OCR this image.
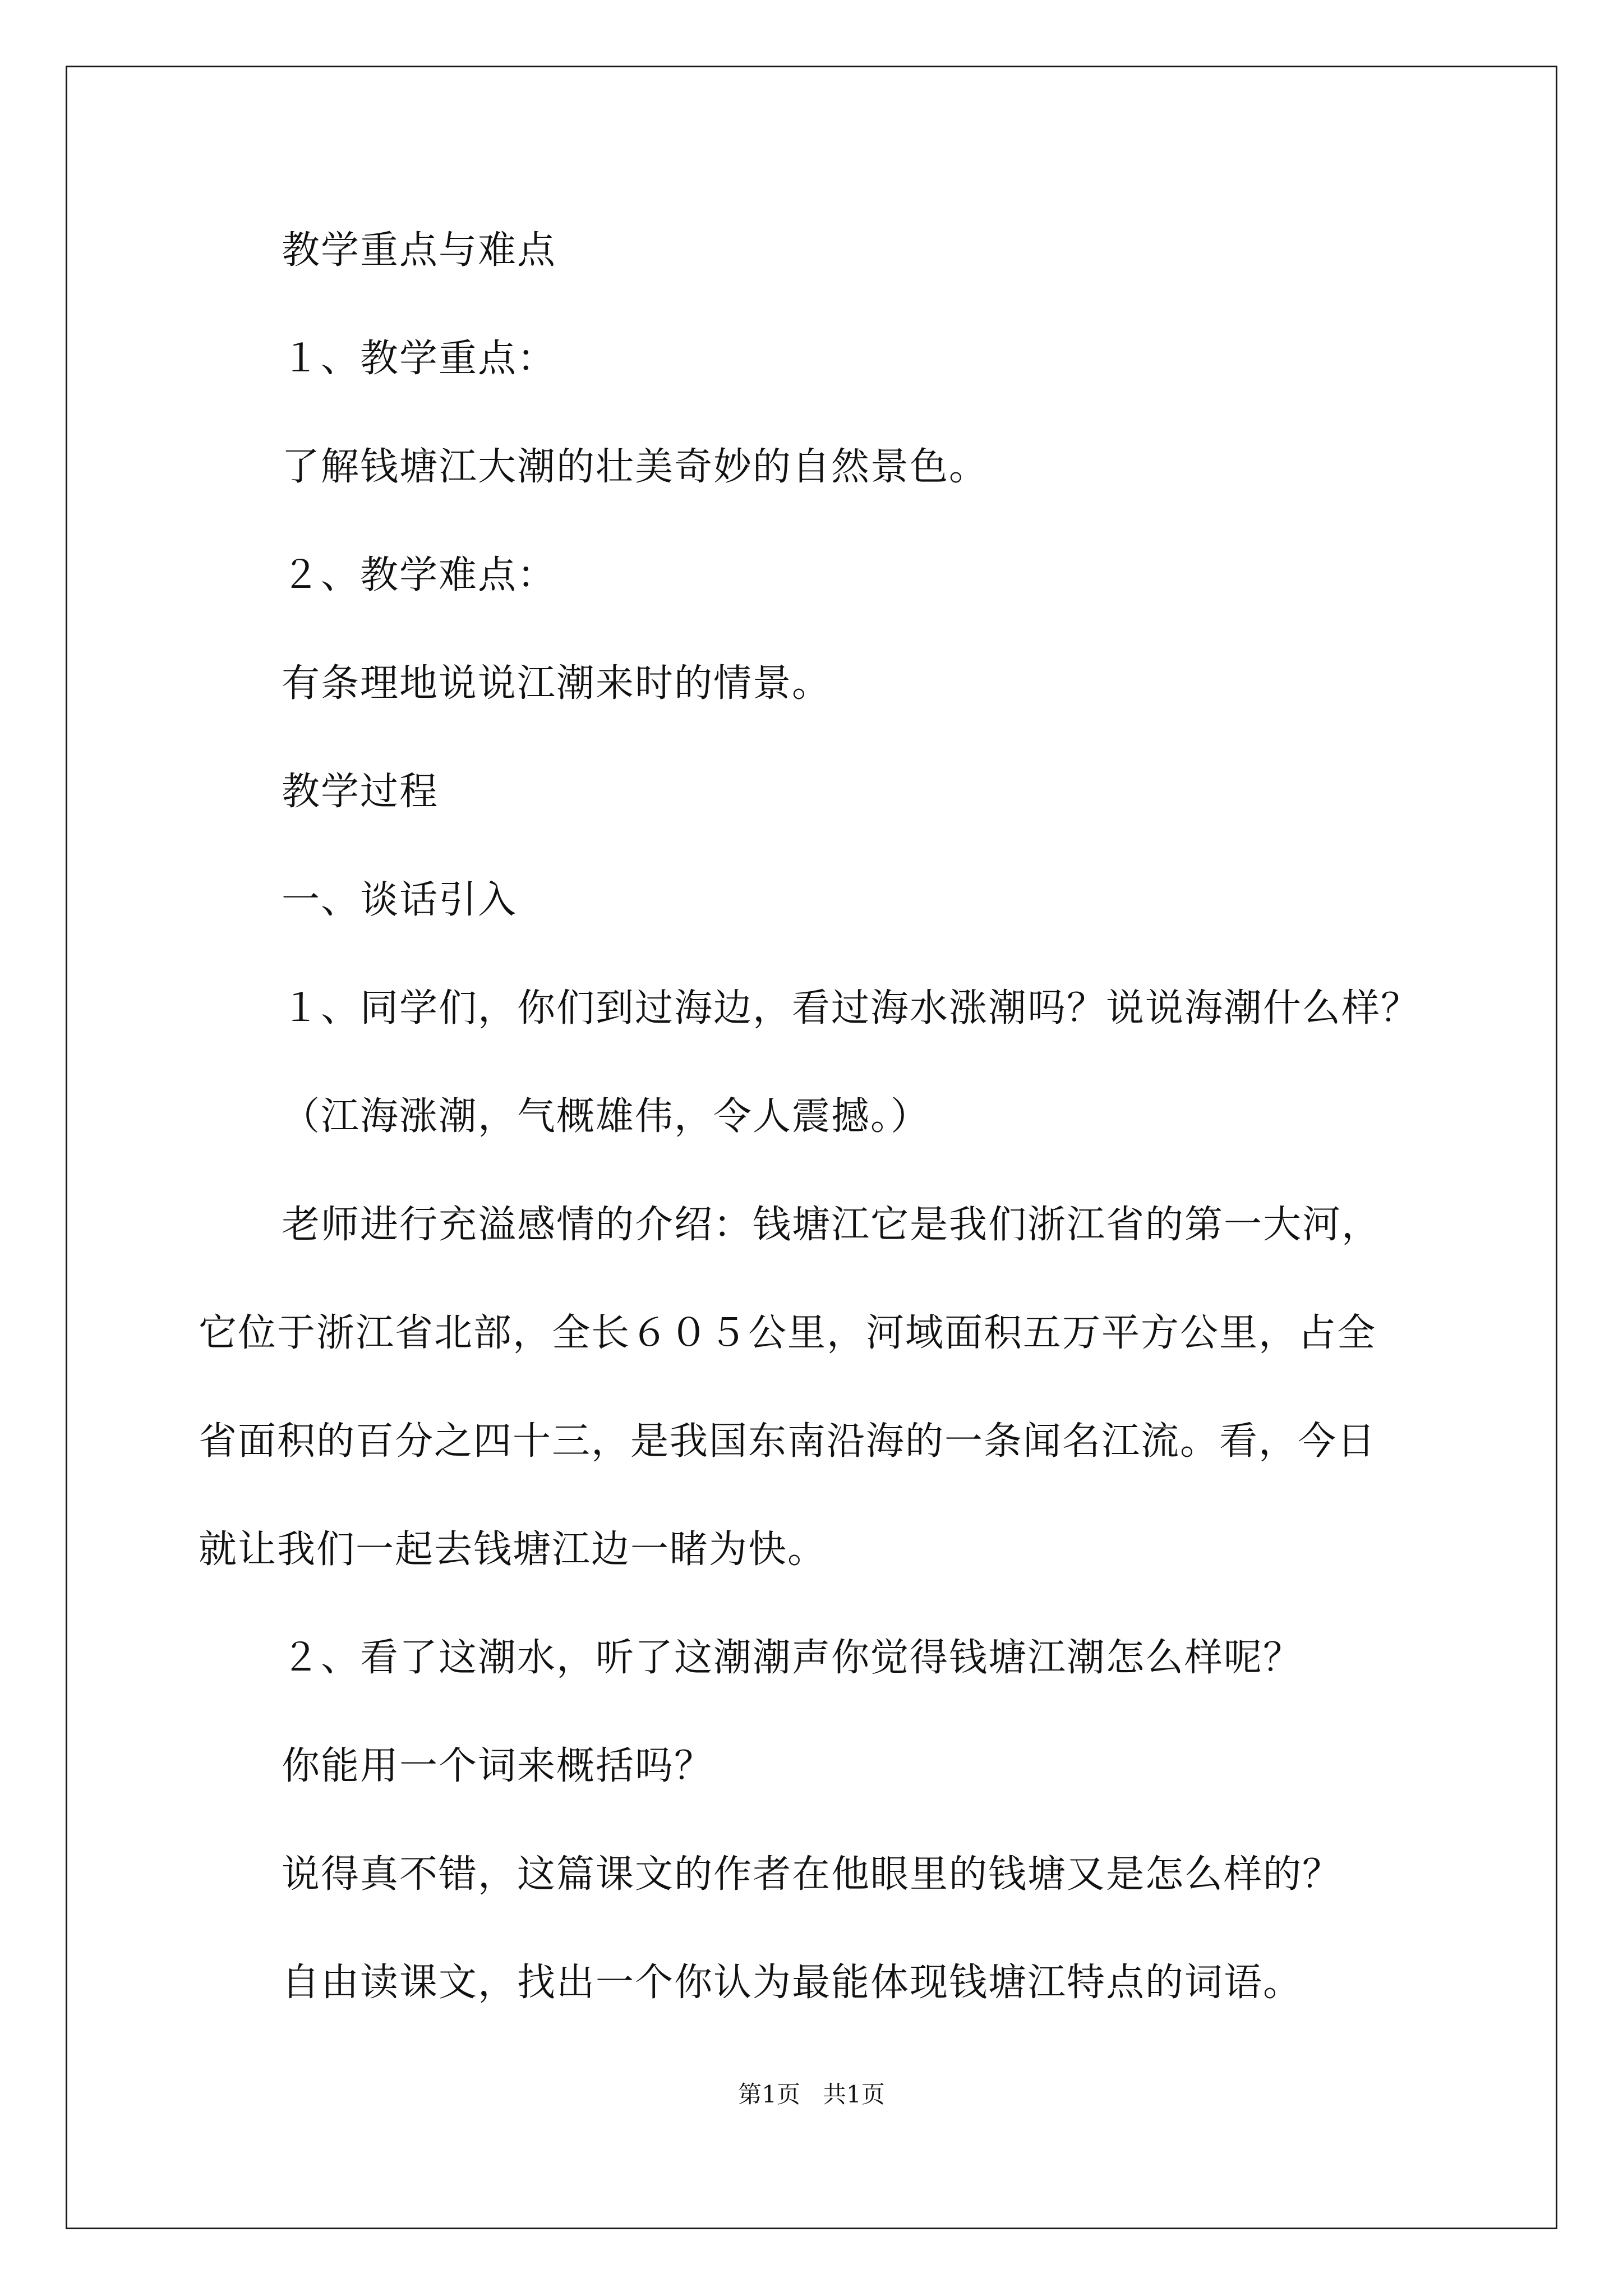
教学重点与难点
１、教学重点：
了解钱塘江大潮的壮美奇妙的自然景色。
２、教学难点：
有条理地说说江潮来时的情景。
教学过程
一、谈话引入
１、同学们，你们到过海边，看过海水涨潮吗？说说海潮什么样？
（江海涨潮，气概雄伟，令人震撼。）
老师进行充溢感情的介绍：钱塘江它是我们浙江省的第一大河，
它位于浙江省北部，全长６０５公里，河域面积五万平方公里，占全
省面积的百分之四十三，是我国东南沿海的一条闻名江流。看，今日
就让我们一起去钱塘江边一睹为快。
２、看了这潮水，听了这潮潮声你觉得钱塘江潮怎么样呢？
你能用一个词来概括吗？
说得真不错，这篇课文的作者在他眼里的钱塘又是怎么样的？
自由读课文，找出一个你认为最能体现钱塘江特点的词语。
第1页   共1页
